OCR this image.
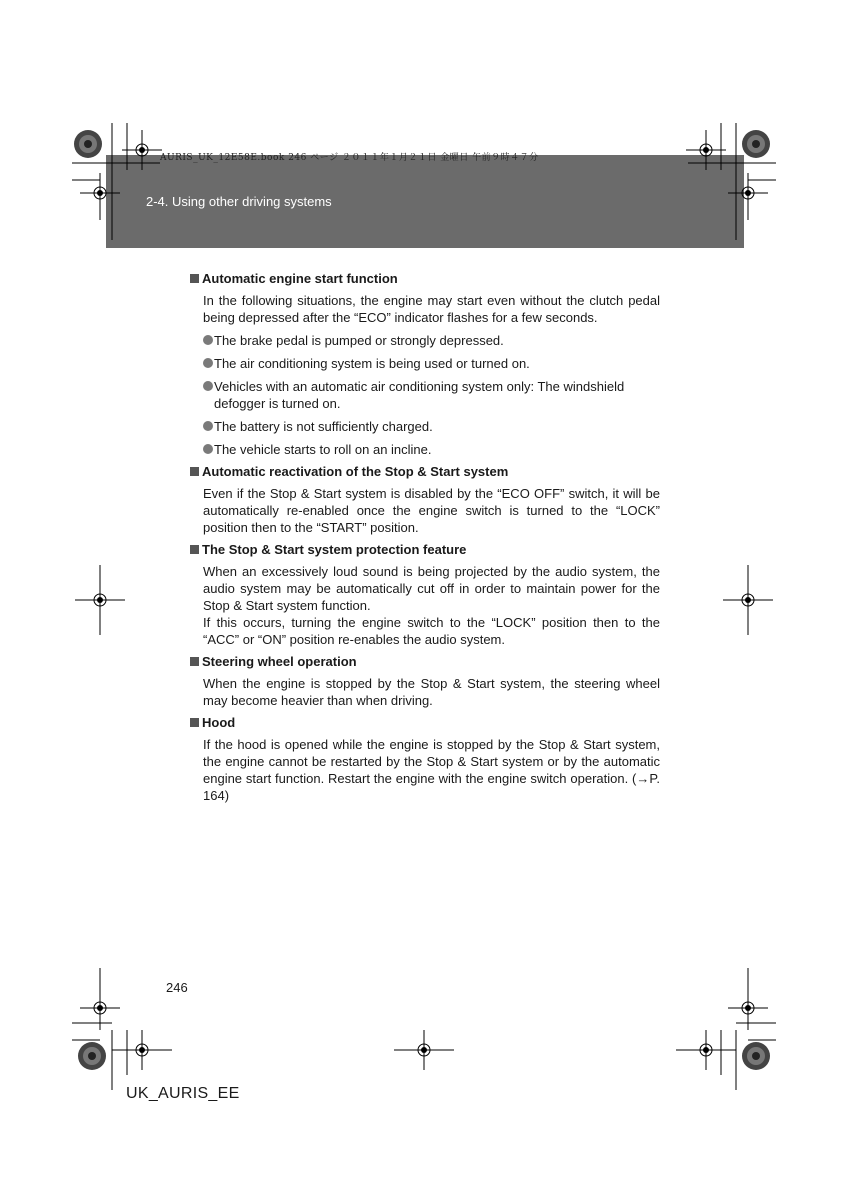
2-4. Using other driving systems
AURIS_UK_12E58E.book 246 ページ ２０１１年１月２１日 金曜日 午前９時４７分
Automatic engine start function
In the following situations, the engine may start even without the clutch pedal being depressed after the “ECO” indicator flashes for a few seconds.
The brake pedal is pumped or strongly depressed.
The air conditioning system is being used or turned on.
Vehicles with an automatic air conditioning system only: The windshield defogger is turned on.
The battery is not sufficiently charged.
The vehicle starts to roll on an incline.
Automatic reactivation of the Stop & Start system
Even if the Stop & Start system is disabled by the “ECO OFF” switch, it will be automatically re-enabled once the engine switch is turned to the “LOCK” position then to the “START” position.
The Stop & Start system protection feature
When an excessively loud sound is being projected by the audio system, the audio system may be automatically cut off in order to maintain power for the Stop & Start system function.
If this occurs, turning the engine switch to the “LOCK” position then to the “ACC” or “ON” position re-enables the audio system.
Steering wheel operation
When the engine is stopped by the Stop & Start system, the steering wheel may become heavier than when driving.
Hood
If the hood is opened while the engine is stopped by the Stop & Start system, the engine cannot be restarted by the Stop & Start system or by the automatic engine start function. Restart the engine with the engine switch operation. (→P. 164)
246
UK_AURIS_EE
